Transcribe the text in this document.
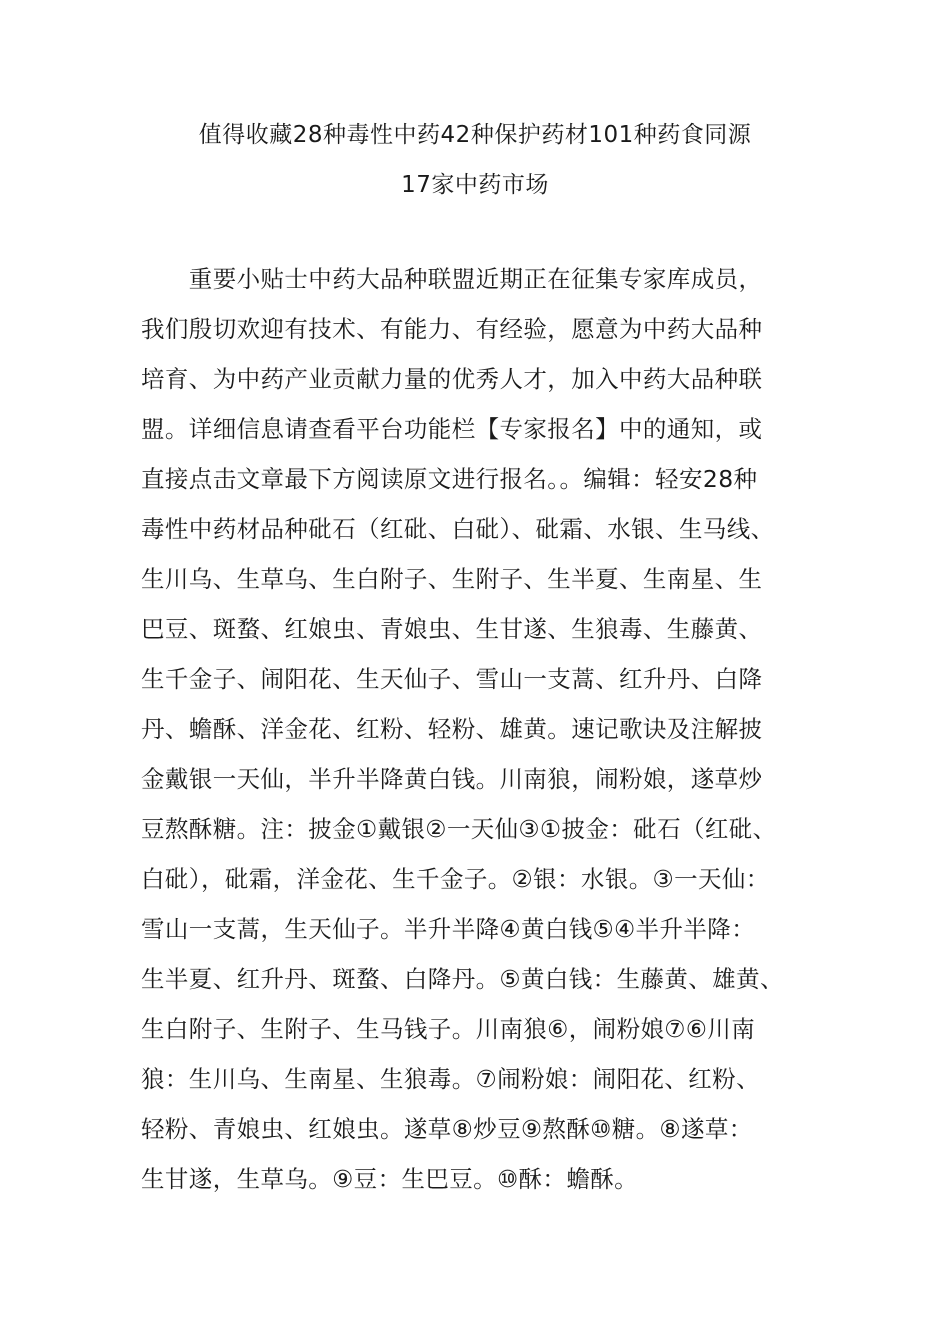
值得收藏28种毒性中药42种保护药材101种药食同源
17家中药市场
　　重要小贴士中药大品种联盟近期正在征集专家库成员，
我们殷切欢迎有技术、有能力、有经验，愿意为中药大品种
培育、为中药产业贡献力量的优秀人才，加入中药大品种联
盟。详细信息请查看平台功能栏【专家报名】中的通知，或
直接点击文章最下方阅读原文进行报名。。编辑：轻安28种
毒性中药材品种砒石（红砒、白砒）、砒霜、水银、生马线、
生川乌、生草乌、生白附子、生附子、生半夏、生南星、生
巴豆、斑蝥、红娘虫、青娘虫、生甘遂、生狼毒、生藤黄、
生千金子、闹阳花、生天仙子、雪山一支蒿、红升丹、白降
丹、蟾酥、洋金花、红粉、轻粉、雄黄。速记歌诀及注解披
金戴银一天仙，半升半降黄白钱。川南狼，闹粉娘，遂草炒
豆熬酥糖。注：披金①戴银②一天仙③①披金：砒石（红砒、
白砒），砒霜，洋金花、生千金子。②银：水银。③一天仙：
雪山一支蒿，生天仙子。半升半降④黄白钱⑤④半升半降：
生半夏、红升丹、斑蝥、白降丹。⑤黄白钱：生藤黄、雄黄、
生白附子、生附子、生马钱子。川南狼⑥，闹粉娘⑦⑥川南
狼：生川乌、生南星、生狼毒。⑦闹粉娘：闹阳花、红粉、
轻粉、青娘虫、红娘虫。遂草⑧炒豆⑨熬酥⑩糖。⑧遂草：
生甘遂，生草乌。⑨豆：生巴豆。⑩酥：蟾酥。
